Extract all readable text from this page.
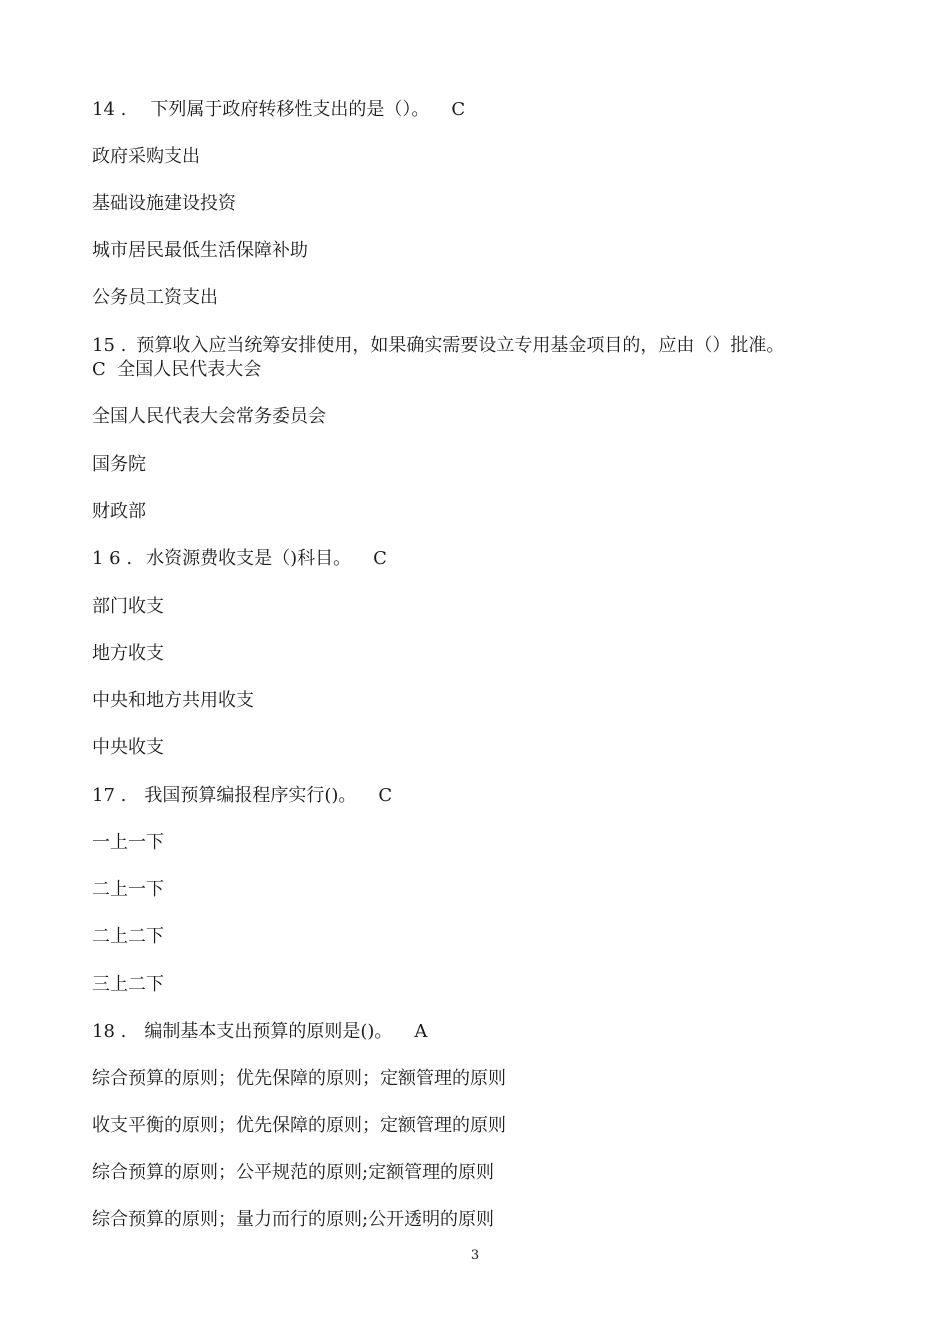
14 . 下列属于政府转移性支出的是（）。 C
政府采购支出
基础设施建设投资
城市居民最低生活保障补助
公务员工资支出
15 . 预算收入应当统筹安排使用，如果确实需要设立专用基金项目的，应由（）批准。
C  全国人民代表大会
全国人民代表大会常务委员会
国务院
财政部
1 6 . 水资源费收支是（)科目。 C
部门收支
地方收支
中央和地方共用收支
中央收支
17 . 我国预算编报程序实行()。 C
一上一下
二上一下
二上二下
三上二下
18 . 编制基本支出预算的原则是()。 A
综合预算的原则；优先保障的原则；定额管理的原则
收支平衡的原则；优先保障的原则；定额管理的原则
综合预算的原则；公平规范的原则;定额管理的原则
综合预算的原则；量力而行的原则;公开透明的原则
3
